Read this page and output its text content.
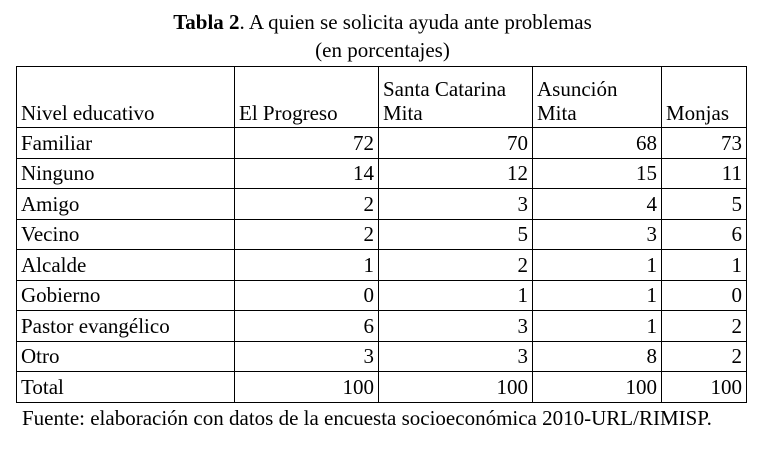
Tabla 2. A quien se solicita ayuda ante problemas
(en porcentajes)
Nivel educativo	El Progreso	Santa Catarina Mita	Asunción Mita	Monjas
Familiar	72	70	68	73
Ninguno	14	12	15	11
Amigo	2	3	4	5
Vecino	2	5	3	6
Alcalde	1	2	1	1
Gobierno	0	1	1	0
Pastor evangélico	6	3	1	2
Otro	3	3	8	2
Total	100	100	100	100
Fuente: elaboración con datos de la encuesta socioeconómica 2010-URL/RIMISP.
